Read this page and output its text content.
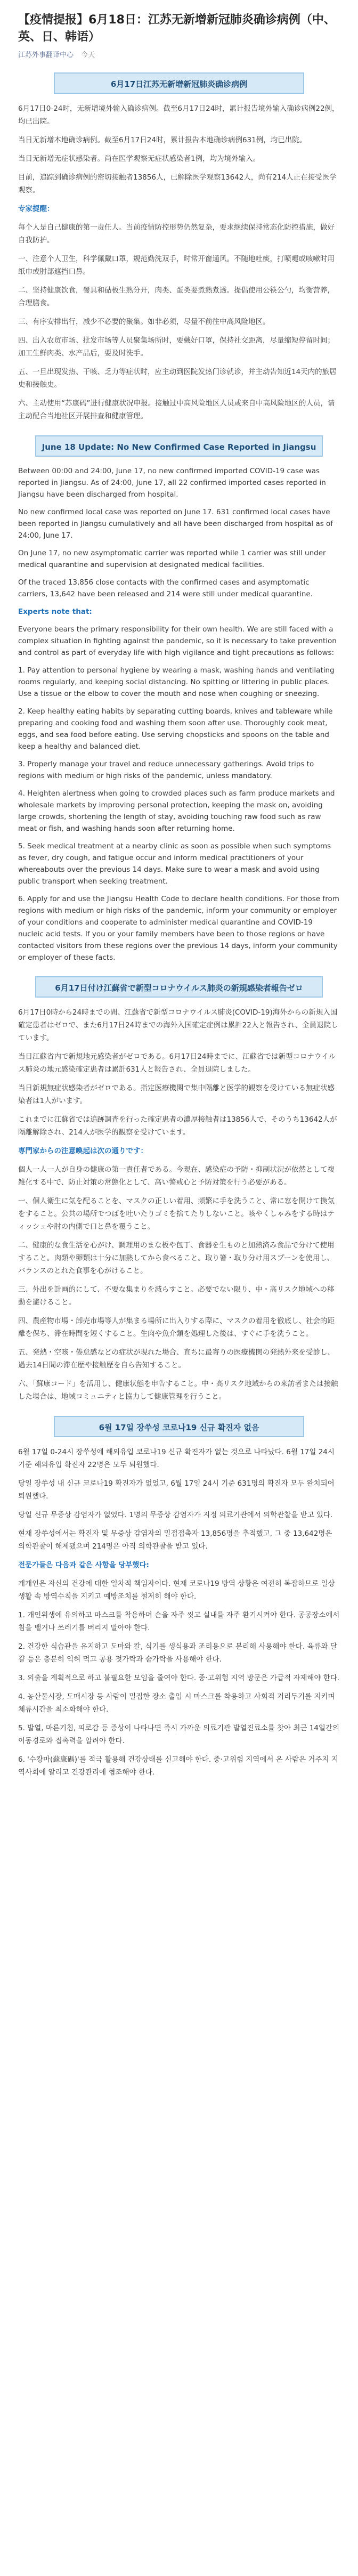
【疫情提报】6月18日：江苏无新增新冠肺炎确诊病例（中、英、日、韩语）
江苏外事翻译中心 今天
6月17日江苏无新增新冠肺炎确诊病例

6月17日0-24时，无新增境外输入确诊病例。截至6月17日24时，累计报告境外输入确诊病例22例，均已出院。

当日无新增本地确诊病例。截至6月17日24时，累计报告本地确诊病例631例，均已出院。

当日无新增无症状感染者。尚在医学观察无症状感染者1例，均为境外输入。

目前，追踪到确诊病例的密切接触者13856人，已解除医学观察13642人，尚有214人正在接受医学观察。

专家提醒：

每个人是自己健康的第一责任人。当前疫情防控形势仍然复杂，要求继续保持常态化防控措施，做好自我防护。

一、注意个人卫生，科学佩戴口罩，规范勤洗双手，时常开窗通风。不随地吐痰，打喷嚏或咳嗽时用纸巾或肘部遮挡口鼻。

二、坚持健康饮食，餐具和砧板生熟分开，肉类、蛋类要煮熟煮透。提倡使用公筷公勺，均衡营养，合理膳食。

三、有序安排出行，减少不必要的聚集。如非必须，尽量不前往中高风险地区。

四、出入农贸市场、批发市场等人员聚集场所时，要戴好口罩，保持社交距离，尽量缩短停留时间；加工生鲜肉类、水产品后，要及时洗手。

五、一旦出现发热、干咳、乏力等症状时，应主动到医院发热门诊就诊，并主动告知近14天内的旅居史和接触史。

六、主动使用“苏康码”进行健康状况申报。接触过中高风险地区人员或来自中高风险地区的人员，请主动配合当地社区开展排查和健康管理。

June 18 Update: No New Confirmed Case Reported in Jiangsu

Between 00:00 and 24:00, June 17, no new confirmed imported COVID-19 case was reported in Jiangsu. As of 24:00, June 17, all 22 confirmed imported cases reported in Jiangsu have been discharged from hospital.

No new confirmed local case was reported on June 17. 631 confirmed local cases have been reported in Jiangsu cumulatively and all have been discharged from hospital as of 24:00, June 17.

On June 17, no new asymptomatic carrier was reported while 1 carrier was still under medical quarantine and supervision at designated medical facilities.

Of the traced 13,856 close contacts with the confirmed cases and asymptomatic carriers, 13,642 have been released and 214 were still under medical quarantine.

Experts note that:

Everyone bears the primary responsibility for their own health. We are still faced with a complex situation in fighting against the pandemic, so it is necessary to take prevention and control as part of everyday life with high vigilance and tight precautions as follows:

1. Pay attention to personal hygiene by wearing a mask, washing hands and ventilating rooms regularly, and keeping social distancing. No spitting or littering in public places. Use a tissue or the elbow to cover the mouth and nose when coughing or sneezing.

2. Keep healthy eating habits by separating cutting boards, knives and tableware while preparing and cooking food and washing them soon after use. Thoroughly cook meat, eggs, and sea food before eating. Use serving chopsticks and spoons on the table and keep a healthy and balanced diet.

3. Properly manage your travel and reduce unnecessary gatherings. Avoid trips to regions with medium or high risks of the pandemic, unless mandatory.

4. Heighten alertness when going to crowded places such as farm produce markets and wholesale markets by improving personal protection, keeping the mask on, avoiding large crowds, shortening the length of stay, avoiding touching raw food such as raw meat or fish, and washing hands soon after returning home.

5. Seek medical treatment at a nearby clinic as soon as possible when such symptoms as fever, dry cough, and fatigue occur and inform medical practitioners of your whereabouts over the previous 14 days. Make sure to wear a mask and avoid using public transport when seeking treatment.

6. Apply for and use the Jiangsu Health Code to declare health conditions. For those from regions with medium or high risks of the pandemic, inform your community or employer of your conditions and cooperate to administer medical quarantine and COVID-19 nucleic acid tests. If you or your family members have been to those regions or have contacted visitors from these regions over the previous 14 days, inform your community or employer of these facts.

6月17日付け江蘇省で新型コロナウイルス肺炎の新規感染者報告ゼロ

6月17日0時から24時までの間、江蘇省で新型コロナウイルス肺炎(COVID-19)海外からの新規入国確定患者はゼロで、また6月17日24時までの海外入国確定症例は累計22人と報告され、全員退院しています。

当日江蘇省内で新規地元感染者がゼロである。6月17日24時までに、江蘇省では新型コロナウイルス肺炎の地元感染確定患者は累計631人と報告され、全員退院しました。

当日新規無症状感染者がゼロである。指定医療機関で集中隔離と医学的観察を受けている無症状感染者は1人がいます。

これまでに江蘇省では追跡調査を行った確定患者の濃厚接触者は13856人で、そのうち13642人が隔離解除され、214人が医学的観察を受けています。

専門家からの注意喚起は次の通りです：

個人一人一人が自身の健康の第一責任者である。今現在、感染症の予防・抑制状況が依然として複雑化する中で、防止対策の常態化として、高い警戒心と予防対策を行う必要がある。

一、個人衛生に気を配ることを、マスクの正しい着用、頻繁に手を洗うこと、常に窓を開けて換気をすること。公共の場所でつばを吐いたりゴミを捨てたりしないこと。咳やくしゃみをする時はティッシュや肘の内側で口と鼻を覆うこと。

二、健康的な食生活を心がけ、調理用のまな板や包丁、食器を生ものと加熱済み食品で分けて使用すること。肉類や卵類は十分に加熱してから食べること。取り箸・取り分け用スプーンを使用し、バランスのとれた食事を心がけること。

三、外出を計画的にして、不要な集まりを減らすこと。必要でない限り、中・高リスク地域への移動を避けること。

四、農産物市場・卸売市場等人が集まる場所に出入りする際に、マスクの着用を徹底し、社会的距離を保ち、滞在時間を短くすること。生肉や魚介類を処理した後は、すぐに手を洗うこと。

五、発熱・空咳・倦怠感などの症状が現れた場合、直ちに最寄りの医療機関の発熱外来を受診し、過去14日間の滞在歴や接触歴を自ら告知すること。

六、「蘇康コード」を活用し、健康状態を申告すること。中・高リスク地域からの来訪者または接触した場合は、地域コミュニティと協力して健康管理を行うこと。

6월 17일 장쑤성 코로나19 신규 확진자 없음

6월 17일 0-24시 장쑤성에 해외유입 코로나19 신규 확진자가 없는 것으로 나타났다. 6월 17일 24시 기준 해외유입 확진자 22명은 모두 퇴원했다.

당일 장쑤성 내 신규 코로나19 확진자가 없었고, 6월 17일 24시 기준 631명의 확진자 모두 완치되어 퇴원했다.

당일 신규 무증상 감염자가 없었다. 1명의 무증상 감염자가 지정 의료기관에서 의학관찰을 받고 있다.

현재 장쑤성에서는 확진자 및 무증상 감염자의 밀접접촉자 13,856명을 추적했고, 그 중 13,642명은 의학관찰이 해제됐으며 214명은 아직 의학관찰을 받고 있다.

전문가들은 다음과 같은 사항을 당부했다:

개개인은 자신의 건강에 대한 일차적 책임자이다. 현재 코로나19 방역 상황은 여전히 복잡하므로 일상생활 속 방역수칙을 지키고 예방조치를 철저히 해야 한다.

1. 개인위생에 유의하고 마스크를 착용하며 손을 자주 씻고 실내를 자주 환기시켜야 한다. 공공장소에서 침을 뱉거나 쓰레기를 버리지 말아야 한다.

2. 건강한 식습관을 유지하고 도마와 칼, 식기를 생식용과 조리용으로 분리해 사용해야 한다. 육류와 달걀 등은 충분히 익혀 먹고 공용 젓가락과 숟가락을 사용해야 한다.

3. 외출을 계획적으로 하고 불필요한 모임을 줄여야 한다. 중·고위험 지역 방문은 가급적 자제해야 한다.

4. 농산물시장, 도매시장 등 사람이 밀집한 장소 출입 시 마스크를 착용하고 사회적 거리두기를 지키며 체류시간을 최소화해야 한다.

5. 발열, 마른기침, 피로감 등 증상이 나타나면 즉시 가까운 의료기관 발열진료소를 찾아 최근 14일간의 이동경로와 접촉력을 알려야 한다.

6. '수캉마(蘇康碼)'를 적극 활용해 건강상태를 신고해야 한다. 중·고위험 지역에서 온 사람은 거주지 지역사회에 알리고 건강관리에 협조해야 한다.
